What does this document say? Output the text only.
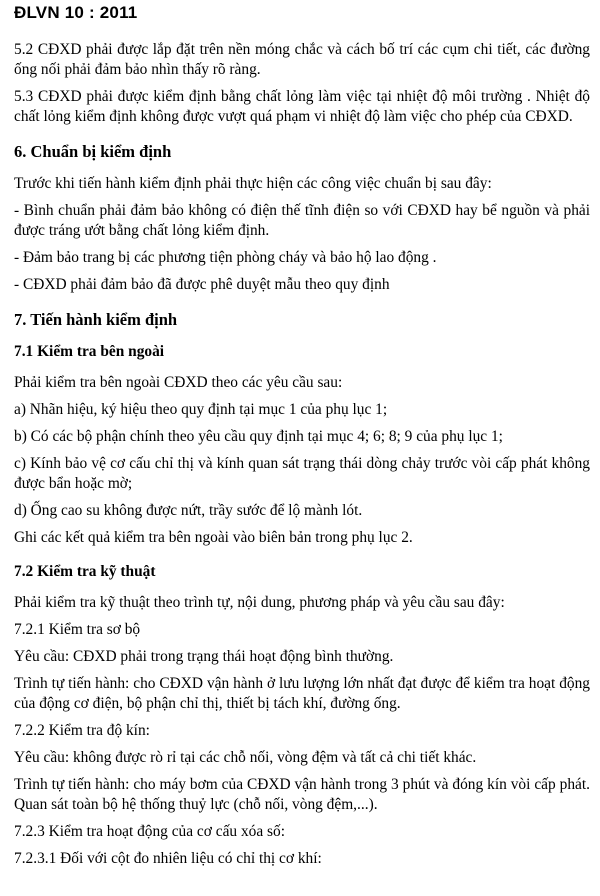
ĐLVN 10 : 2011

5.2 CĐXD phải được lắp đặt trên nền móng chắc và cách bố trí các cụm chi tiết, các đường ống nối phải đảm bảo nhìn thấy rõ ràng.

5.3 CĐXD phải được kiểm định bằng chất lỏng làm việc tại nhiệt độ môi trường . Nhiệt độ chất lỏng kiểm định không được vượt quá phạm vi nhiệt độ làm việc cho phép của CĐXD.

6. Chuẩn bị kiểm định

Trước khi tiến hành kiểm định phải thực hiện các công việc chuẩn bị sau đây:

- Bình chuẩn phải đảm bảo không có điện thế tĩnh điện so với CĐXD hay bể nguồn và phải được tráng ướt bằng chất lỏng kiểm định.

- Đảm bảo trang bị các phương tiện phòng cháy và bảo hộ lao động .

- CĐXD phải đảm bảo đã được phê duyệt mẫu theo quy định

7. Tiến hành kiểm định

7.1 Kiểm tra bên ngoài

Phải kiểm tra bên ngoài CĐXD theo các yêu cầu sau:

a) Nhãn hiệu, ký hiệu theo quy định tại mục 1 của phụ lục 1;

b) Có các bộ phận chính theo yêu cầu quy định tại mục 4; 6; 8; 9 của phụ lục 1;

c) Kính bảo vệ cơ cấu chỉ thị và kính quan sát trạng thái dòng chảy trước vòi cấp phát không được bẩn hoặc mờ;

d) Ống cao su không được nứt, trầy sước để lộ mành lót.

Ghi các kết quả kiểm tra bên ngoài vào biên bản trong phụ lục 2.

7.2 Kiểm tra kỹ thuật

Phải kiểm tra kỹ thuật theo trình tự, nội dung, phương pháp và yêu cầu sau đây:

7.2.1 Kiểm tra sơ bộ

Yêu cầu: CĐXD phải trong trạng thái hoạt động bình thường.

Trình tự tiến hành: cho CĐXD vận hành ở lưu lượng lớn nhất đạt được để kiểm tra hoạt động của động cơ điện, bộ phận chỉ thị, thiết bị tách khí, đường ống.

7.2.2 Kiểm tra độ kín:

Yêu cầu: không được rò rỉ tại các chỗ nối, vòng đệm và tất cả chi tiết khác.

Trình tự tiến hành: cho máy bơm của CĐXD vận hành trong 3 phút và đóng kín vòi cấp phát. Quan sát toàn bộ hệ thống thuỷ lực (chỗ nối, vòng đệm,...).

7.2.3 Kiểm tra hoạt động của cơ cấu xóa số:

7.2.3.1 Đối với cột đo nhiên liệu có chỉ thị cơ khí:
